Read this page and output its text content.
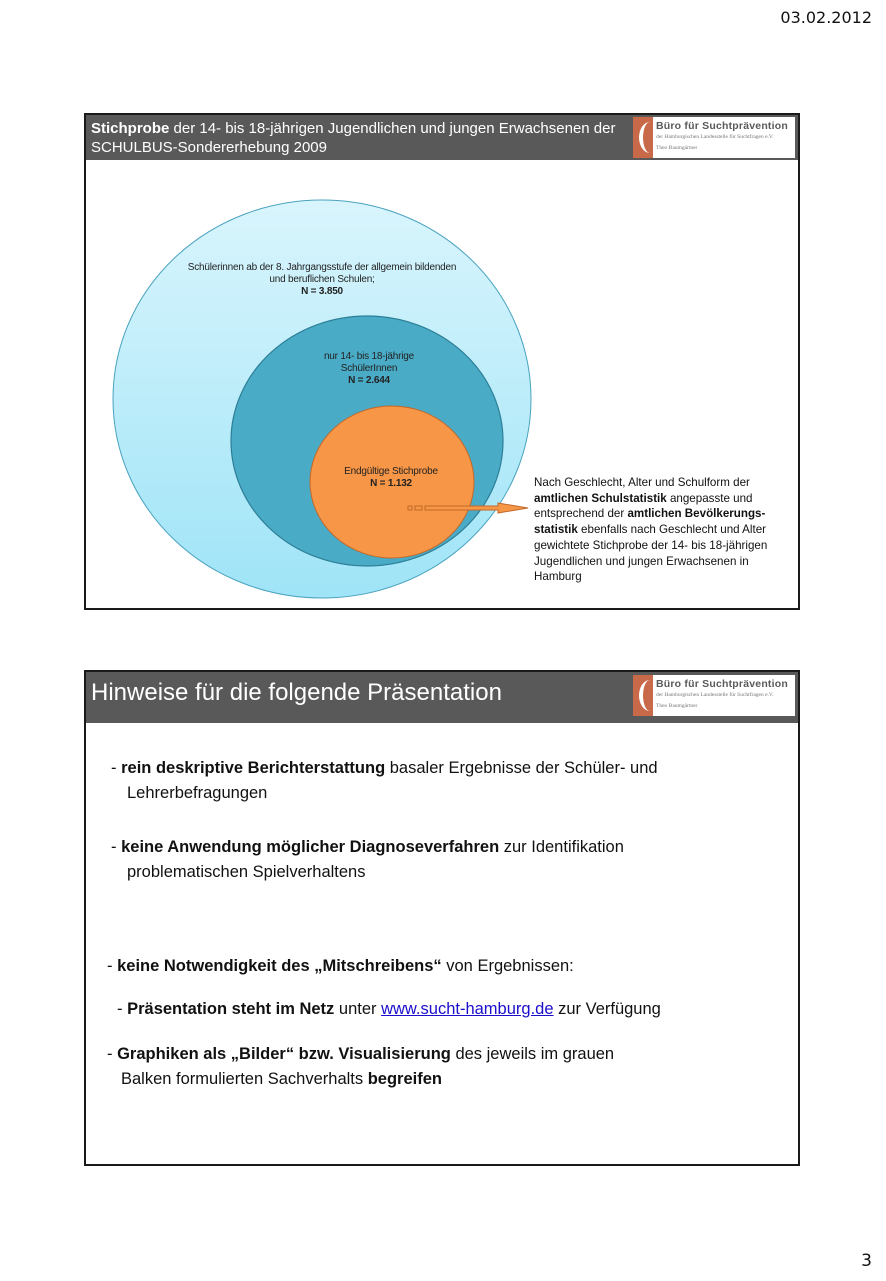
03.02.2012
Stichprobe der 14- bis 18-jährigen Jugendlichen und jungen Erwachsenen der SCHULBUS-Sondererhebung 2009
Büro für Suchtprävention
der Hamburgischen Landesstelle für Suchtfragen e.V.
Theo Baumgärtner
Schülerinnen ab der 8. Jahrgangsstufe der allgemein bildenden und beruflichen Schulen;
N = 3.850
nur 14- bis 18-jährige SchülerInnen
N = 2.644
Endgültige Stichprobe
N = 1.132	Nach Geschlecht, Alter und Schulform der amtlichen Schulstatistik angepasste und entsprechend der amtlichen Bevölkerungs-statistik ebenfalls nach Geschlecht und Alter gewichtete Stichprobe der 14- bis 18-jährigen Jugendlichen und jungen Erwachsenen in Hamburg
Hinweise für die folgende Präsentation	Büro für Suchtprävention
der Hamburgischen Landesstelle für Suchtfragen e.V.
Theo Baumgärtner
- rein deskriptive Berichterstattung basaler Ergebnisse der Schüler- und
Lehrerbefragungen
- keine Anwendung möglicher Diagnoseverfahren zur Identifikation
problematischen Spielverhaltens
- keine Notwendigkeit des „Mitschreibens“ von Ergebnissen:
- Präsentation steht im Netz unter www.sucht-hamburg.de zur Verfügung
- Graphiken als „Bilder“ bzw. Visualisierung des jeweils im grauen
Balken formulierten Sachverhalts begreifen
3
